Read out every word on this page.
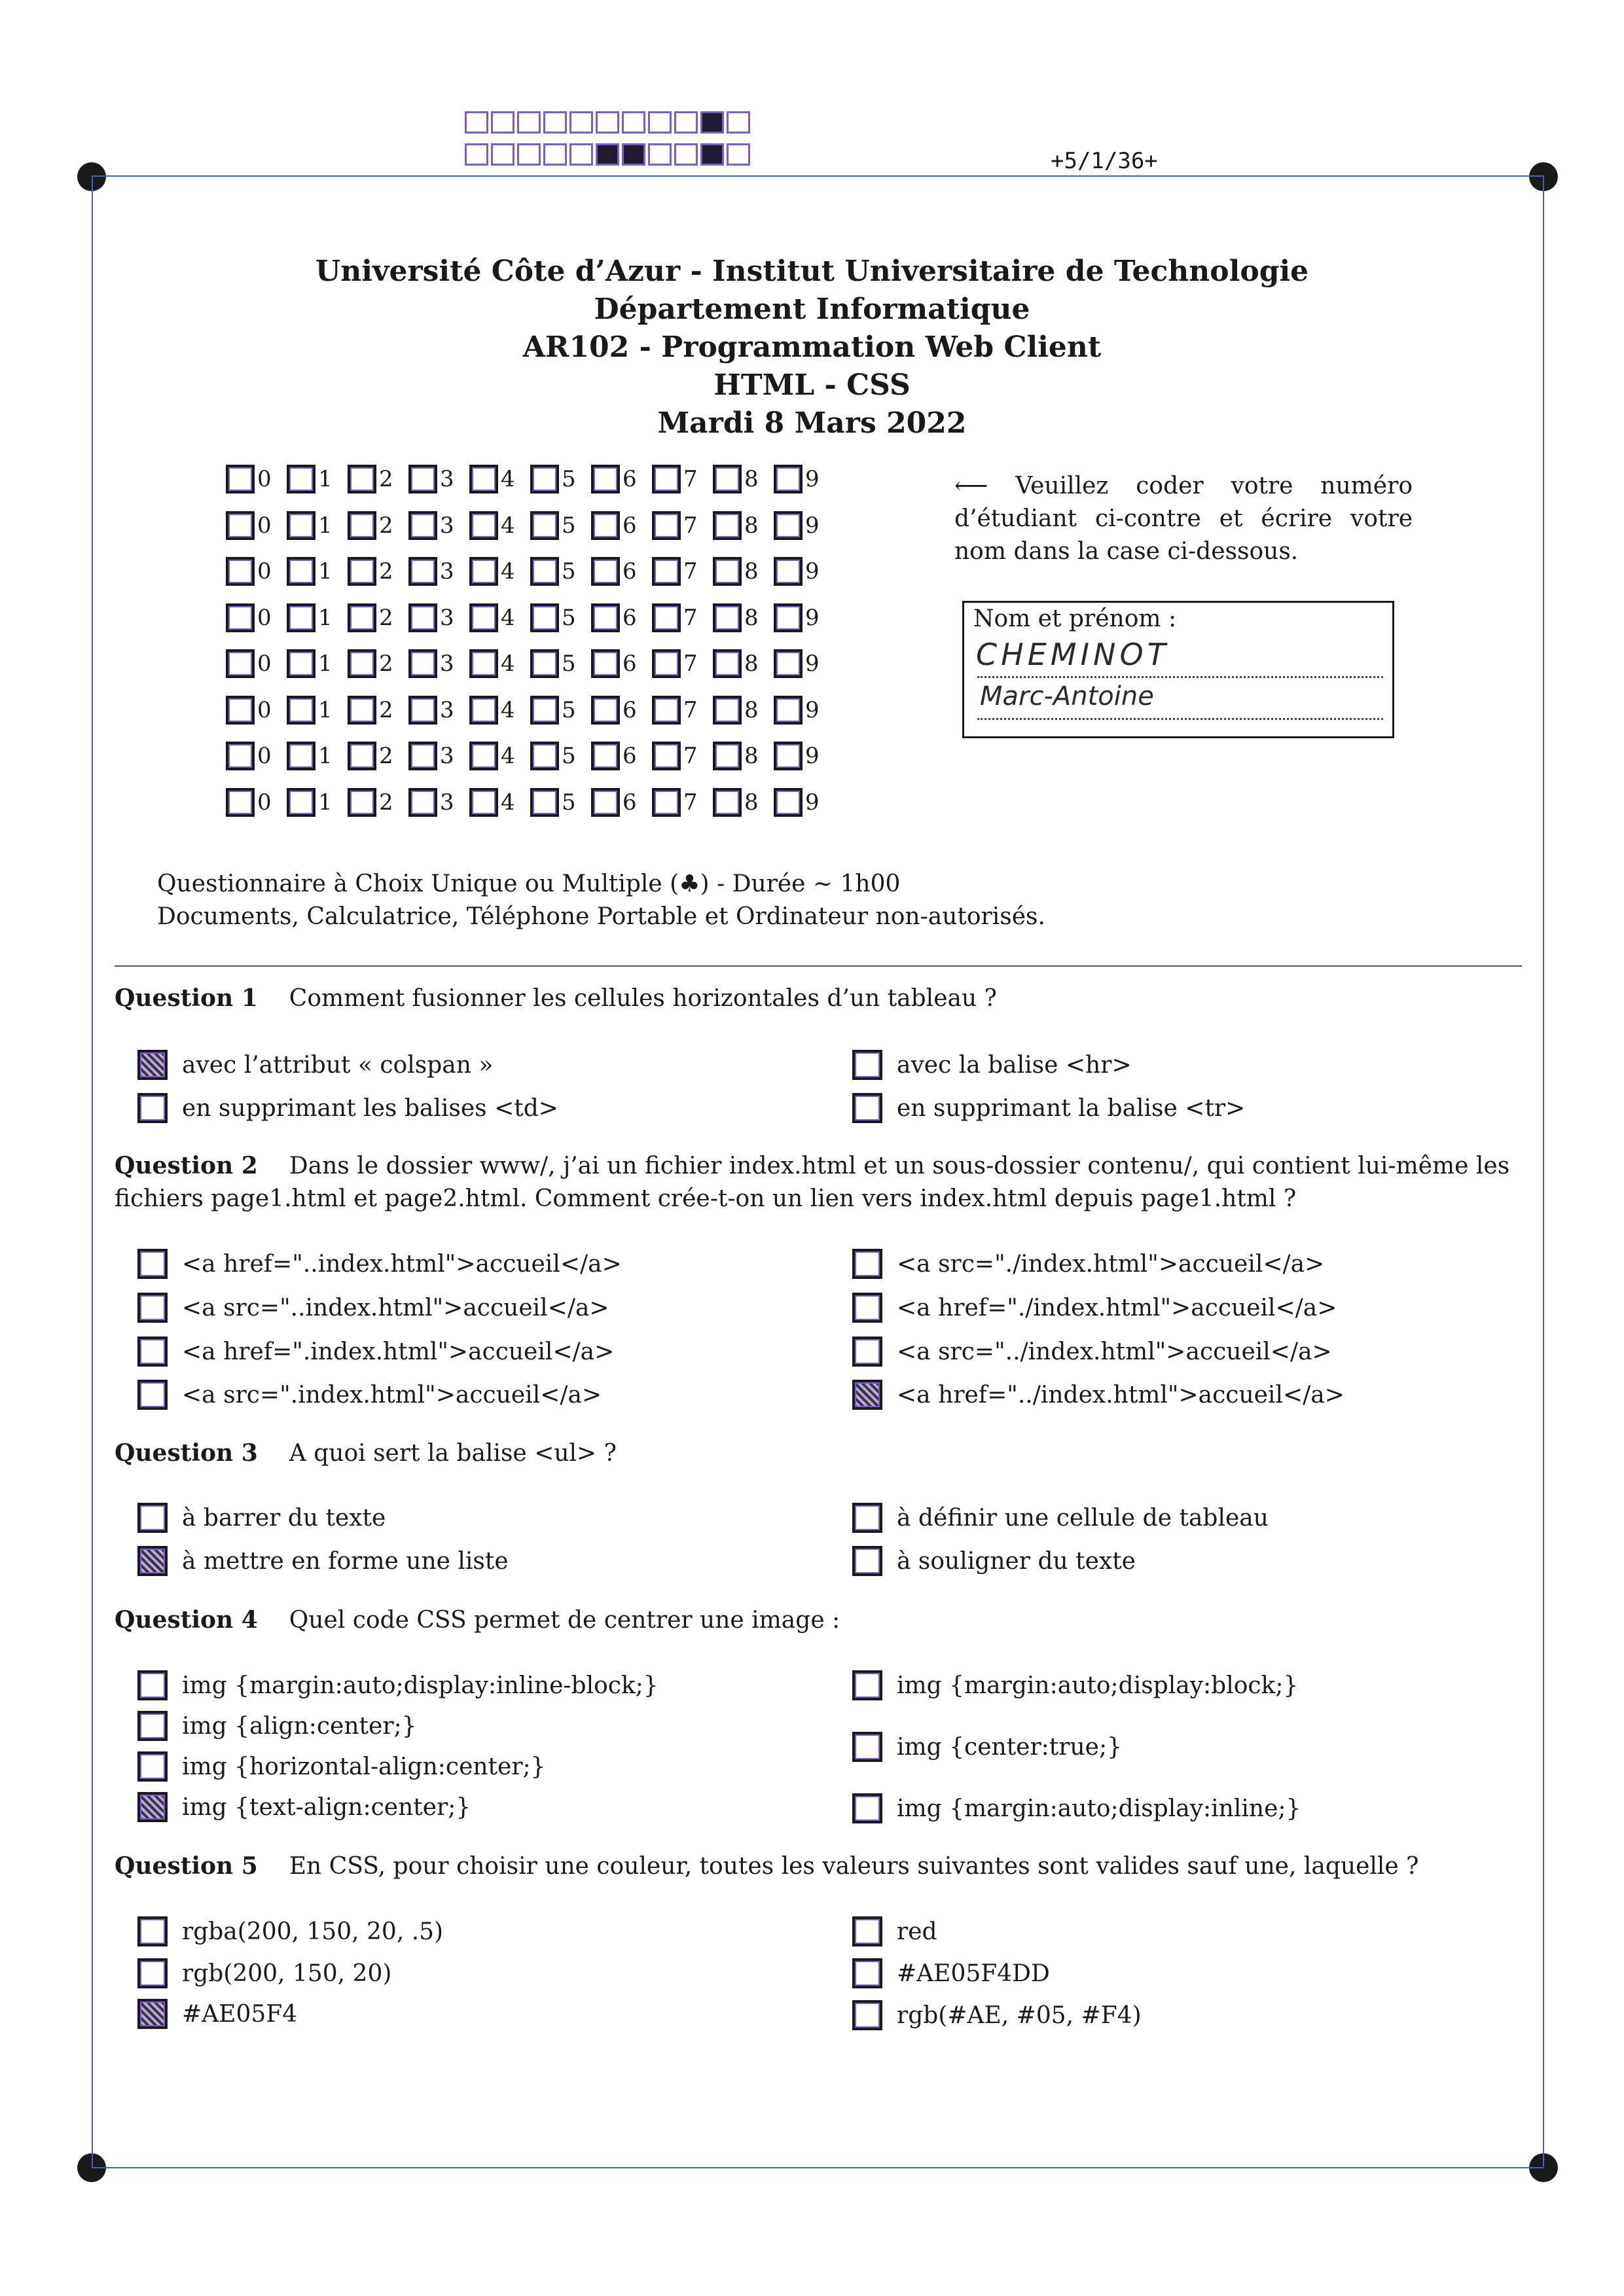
+5/1/36+
Université Côte d’Azur - Institut Universitaire de Technologie
Département Informatique
AR102 - Programmation Web Client
HTML - CSS
Mardi 8 Mars 2022
0 1 2 3 4 5 6 7 8 9
0 1 2 3 4 5 6 7 8 9
0 1 2 3 4 5 6 7 8 9
0 1 2 3 4 5 6 7 8 9
0 1 2 3 4 5 6 7 8 9
0 1 2 3 4 5 6 7 8 9
0 1 2 3 4 5 6 7 8 9
0 1 2 3 4 5 6 7 8 9
⟵ Veuillez coder votre numéro d’étudiant ci-contre et écrire votre nom dans la case ci-dessous.
Nom et prénom :
CHEMINOT
Marc-Antoine
Questionnaire à Choix Unique ou Multiple (♣) - Durée ∼ 1h00
Documents, Calculatrice, Téléphone Portable et Ordinateur non-autorisés.
Question 1 Comment fusionner les cellules horizontales d’un tableau ?
Question 2 Dans le dossier www/, j’ai un fichier index.html et un sous-dossier contenu/, qui contient lui-même les fichiers page1.html et page2.html. Comment crée-t-on un lien vers index.html depuis page1.html ?
Question 3 A quoi sert la balise <ul> ?
Question 4 Quel code CSS permet de centrer une image :
Question 5 En CSS, pour choisir une couleur, toutes les valeurs suivantes sont valides sauf une, laquelle ?
avec l’attribut « colspan »
en supprimant les balises <td>
avec la balise <hr>
en supprimant la balise <tr>
<a href="..index.html">accueil</a>
<a src="..index.html">accueil</a>
<a href=".index.html">accueil</a>
<a src=".index.html">accueil</a>
<a src="./index.html">accueil</a>
<a href="./index.html">accueil</a>
<a src="../index.html">accueil</a>
<a href="../index.html">accueil</a>
à barrer du texte
à mettre en forme une liste
à définir une cellule de tableau
à souligner du texte
img {margin:auto;display:inline-block;}
img {align:center;}
img {horizontal-align:center;}
img {text-align:center;}
img {margin:auto;display:block;}
img {center:true;}
img {margin:auto;display:inline;}
rgba(200, 150, 20, .5)
rgb(200, 150, 20)
#AE05F4
red
#AE05F4DD
rgb(#AE, #05, #F4)
